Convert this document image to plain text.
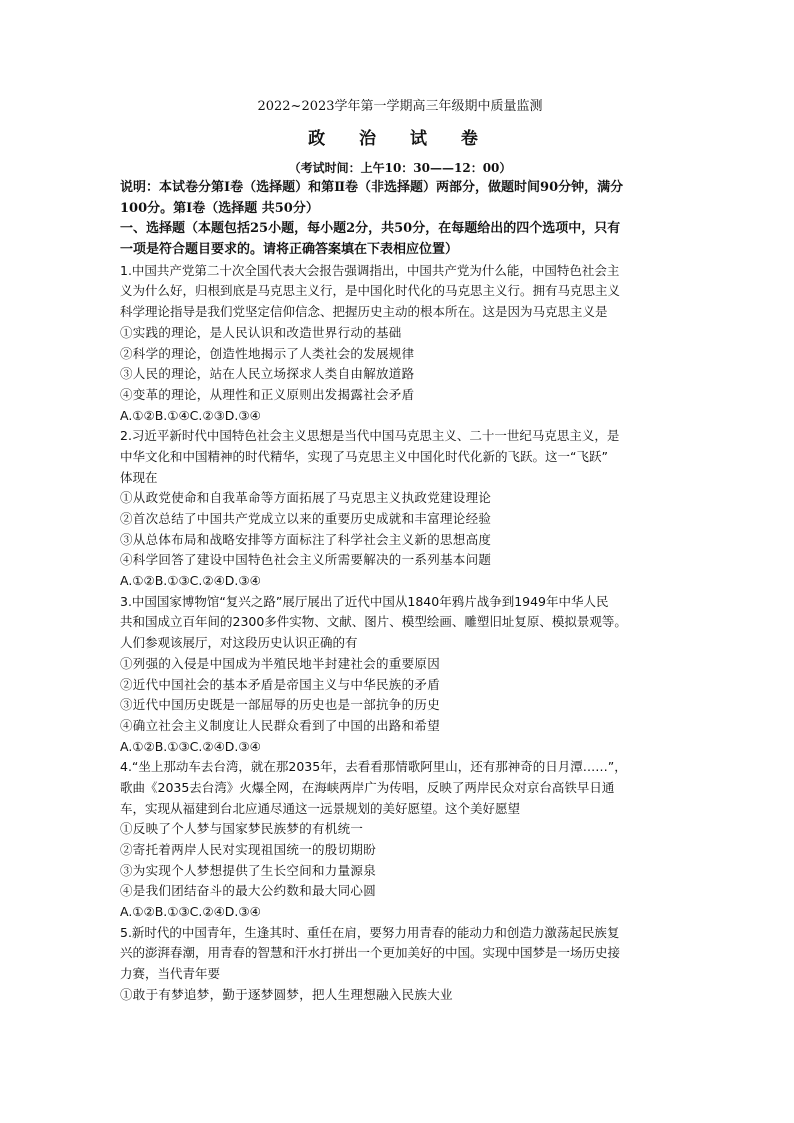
2022~2023学年第一学期高三年级期中质量监测
政 治 试 卷
（考试时间：上午10：30——12：00）
说明：本试卷分第Ⅰ卷（选择题）和第Ⅱ卷（非选择题）两部分，做题时间90分钟，满分
100分。第Ⅰ卷（选择题 共50分）
一、选择题（本题包括25小题，每小题2分，共50分，在每题给出的四个选项中，只有
一项是符合题目要求的。请将正确答案填在下表相应位置）
1.中国共产党第二十次全国代表大会报告强调指出，中国共产党为什么能，中国特色社会主
义为什么好，归根到底是马克思主义行，是中国化时代化的马克思主义行。拥有马克思主义
科学理论指导是我们党坚定信仰信念、把握历史主动的根本所在。这是因为马克思主义是
①实践的理论，是人民认识和改造世界行动的基础
②科学的理论，创造性地揭示了人类社会的发展规律
③人民的理论，站在人民立场探求人类自由解放道路
④变革的理论，从理性和正义原则出发揭露社会矛盾
A.①②B.①④C.②③D.③④
2.习近平新时代中国特色社会主义思想是当代中国马克思主义、二十一世纪马克思主义，是
中华文化和中国精神的时代精华，实现了马克思主义中国化时代化新的飞跃。这一“飞跃”
体现在
①从政党使命和自我革命等方面拓展了马克思主义执政党建设理论
②首次总结了中国共产党成立以来的重要历史成就和丰富理论经验
③从总体布局和战略安排等方面标注了科学社会主义新的思想高度
④科学回答了建设中国特色社会主义所需要解决的一系列基本问题
A.①②B.①③C.②④D.③④
3.中国国家博物馆“复兴之路”展厅展出了近代中国从1840年鸦片战争到1949年中华人民
共和国成立百年间的2300多件实物、文献、图片、模型绘画、雕塑旧址复原、模拟景观等。
人们参观该展厅，对这段历史认识正确的有
①列强的入侵是中国成为半殖民地半封建社会的重要原因
②近代中国社会的基本矛盾是帝国主义与中华民族的矛盾
③近代中国历史既是一部屈辱的历史也是一部抗争的历史
④确立社会主义制度让人民群众看到了中国的出路和希望
A.①②B.①③C.②④D.③④
4.“坐上那动车去台湾，就在那2035年，去看看那情歌阿里山，还有那神奇的日月潭……”，
歌曲《2035去台湾》火爆全网，在海峡两岸广为传唱，反映了两岸民众对京台高铁早日通
车，实现从福建到台北应通尽通这一远景规划的美好愿望。这个美好愿望
①反映了个人梦与国家梦民族梦的有机统一
②寄托着两岸人民对实现祖国统一的殷切期盼
③为实现个人梦想提供了生长空间和力量源泉
④是我们团结奋斗的最大公约数和最大同心圆
A.①②B.①③C.②④D.③④
5.新时代的中国青年，生逢其时、重任在肩，要努力用青春的能动力和创造力激荡起民族复
兴的澎湃春潮，用青春的智慧和汗水打拼出一个更加美好的中国。实现中国梦是一场历史接
力赛，当代青年要
①敢于有梦追梦，勤于逐梦圆梦，把人生理想融入民族大业
